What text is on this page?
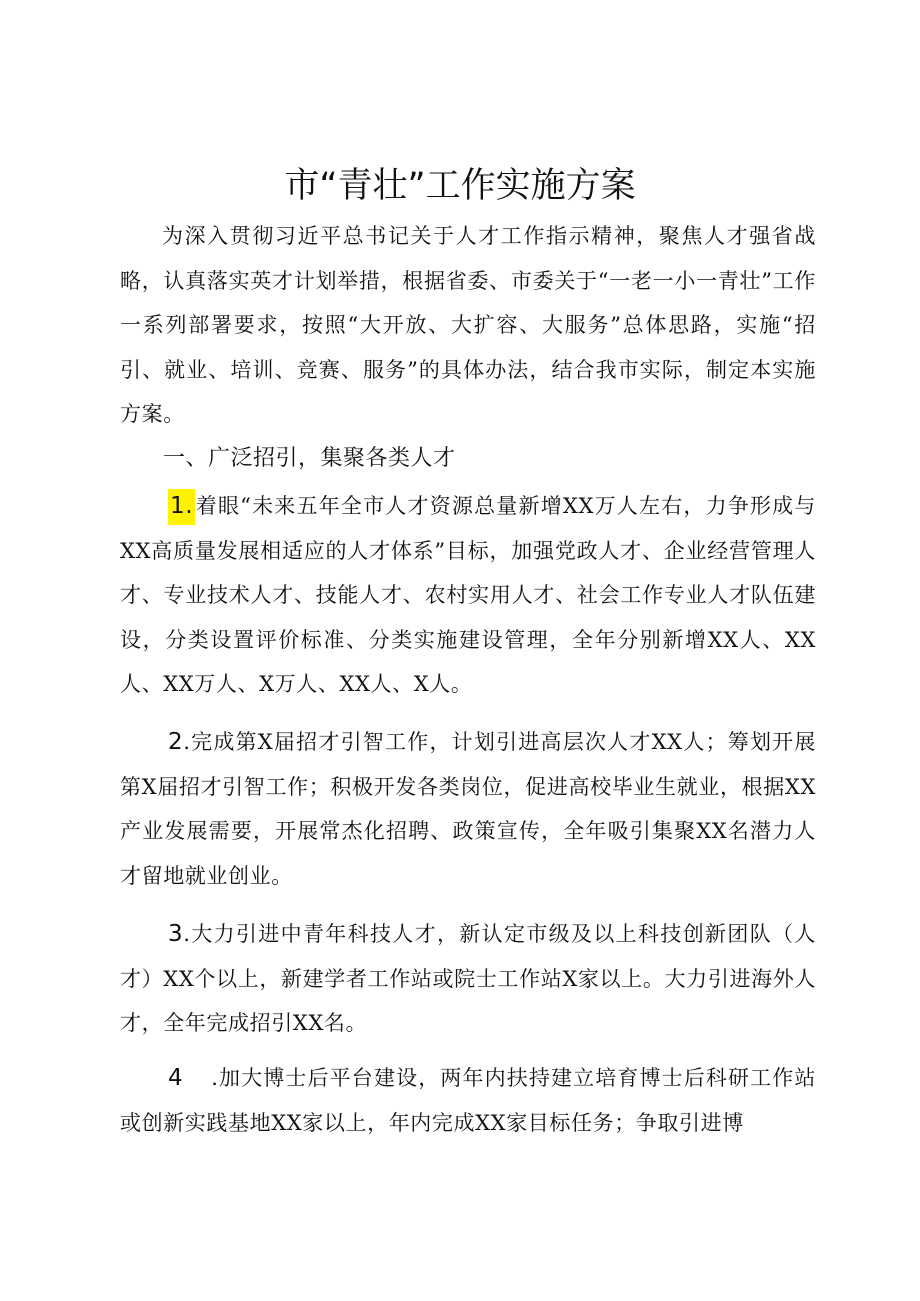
市“青壮”工作实施方案

为深入贯彻习近平总书记关于人才工作指示精神，聚焦人才强省战略，认真落实英才计划举措，根据省委、市委关于“一老一小一青壮”工作一系列部署要求，按照“大开放、大扩容、大服务”总体思路，实施“招引、就业、培训、竞赛、服务”的具体办法，结合我市实际，制定本实施方案。

一、广泛招引，集聚各类人才

1.着眼“未来五年全市人才资源总量新增XX万人左右，力争形成与XX高质量发展相适应的人才体系”目标，加强党政人才、企业经营管理人才、专业技术人才、技能人才、农村实用人才、社会工作专业人才队伍建设，分类设置评价标准、分类实施建设管理，全年分别新增XX人、XX人、XX万人、X万人、XX人、X人。

2.完成第X届招才引智工作，计划引进高层次人才XX人；筹划开展第X届招才引智工作；积极开发各类岗位，促进高校毕业生就业，根据XX产业发展需要，开展常杰化招聘、政策宣传，全年吸引集聚XX名潜力人才留地就业创业。

3.大力引进中青年科技人才，新认定市级及以上科技创新团队（人才）XX个以上，新建学者工作站或院士工作站X家以上。大力引进海外人才，全年完成招引XX名。

4 .加大博士后平台建设，两年内扶持建立培育博士后科研工作站或创新实践基地XX家以上，年内完成XX家目标任务；争取引进博
